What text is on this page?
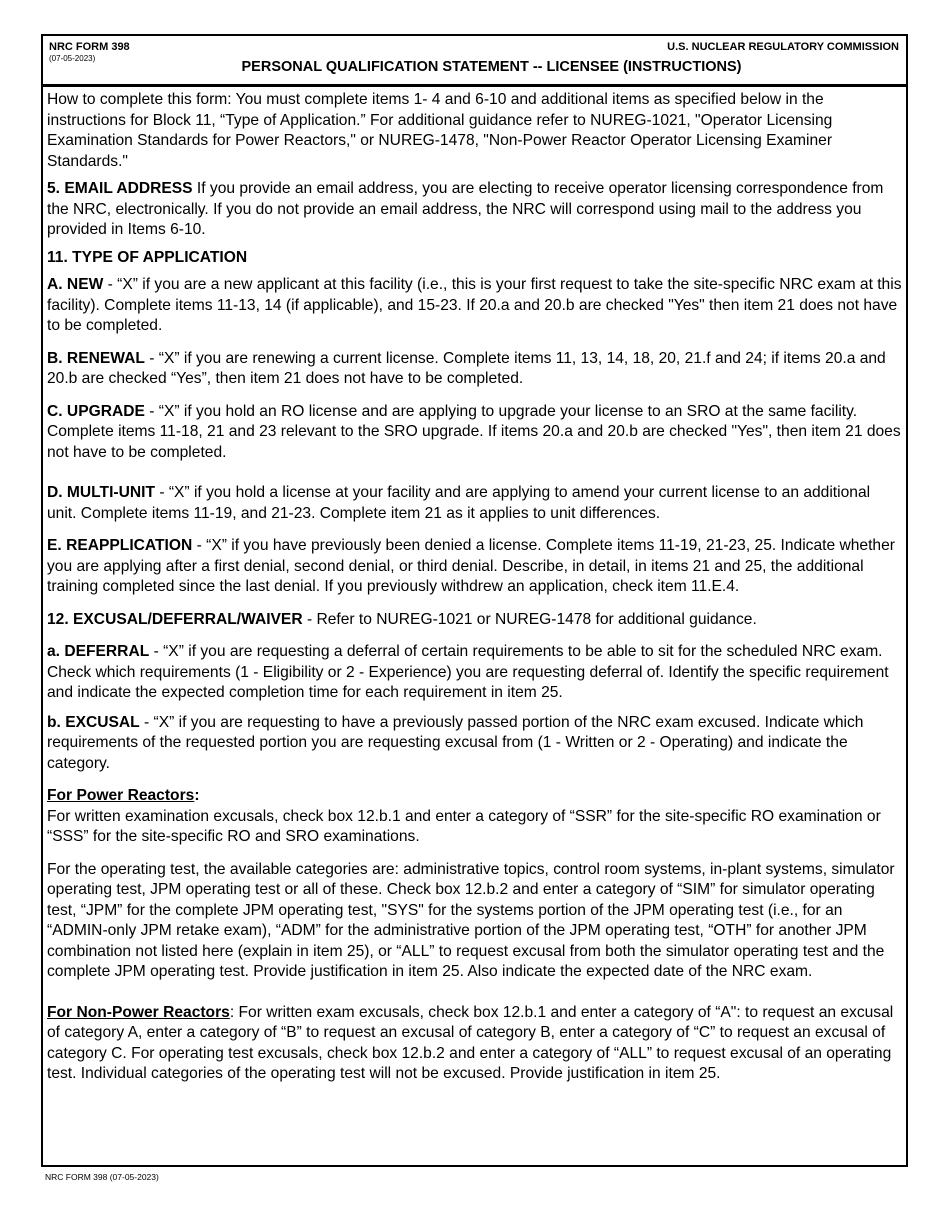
NRC FORM 398
(07-05-2023)
U.S. NUCLEAR REGULATORY COMMISSION
PERSONAL QUALIFICATION STATEMENT -- LICENSEE (INSTRUCTIONS)

How to complete this form: You must complete items 1- 4 and 6-10 and additional items as specified below in the instructions for Block 11, “Type of Application.” For additional guidance refer to NUREG-1021, "Operator Licensing Examination Standards for Power Reactors," or NUREG-1478, "Non-Power Reactor Operator Licensing Examiner Standards."

5. EMAIL ADDRESS If you provide an email address, you are electing to receive operator licensing correspondence from the NRC, electronically. If you do not provide an email address, the NRC will correspond using mail to the address you provided in Items 6-10.

11. TYPE OF APPLICATION

A. NEW - “X” if you are a new applicant at this facility (i.e., this is your first request to take the site-specific NRC exam at this facility). Complete items 11-13, 14 (if applicable), and 15-23. If 20.a and 20.b are checked "Yes" then item 21 does not have to be completed.

B. RENEWAL - “X” if you are renewing a current license. Complete items 11, 13, 14, 18, 20, 21.f and 24; if items 20.a and 20.b are checked “Yes”, then item 21 does not have to be completed.

C. UPGRADE - “X” if you hold an RO license and are applying to upgrade your license to an SRO at the same facility. Complete items 11-18, 21 and 23 relevant to the SRO upgrade. If items 20.a and 20.b are checked "Yes", then item 21 does not have to be completed.

D. MULTI-UNIT - “X” if you hold a license at your facility and are applying to amend your current license to an additional unit. Complete items 11-19, and 21-23. Complete item 21 as it applies to unit differences.

E. REAPPLICATION - “X” if you have previously been denied a license. Complete items 11-19, 21-23, 25. Indicate whether you are applying after a first denial, second denial, or third denial. Describe, in detail, in items 21 and 25, the additional training completed since the last denial. If you previously withdrew an application, check item 11.E.4.

12. EXCUSAL/DEFERRAL/WAIVER - Refer to NUREG-1021 or NUREG-1478 for additional guidance.

a. DEFERRAL - “X” if you are requesting a deferral of certain requirements to be able to sit for the scheduled NRC exam. Check which requirements (1 - Eligibility or 2 - Experience) you are requesting deferral of. Identify the specific requirement and indicate the expected completion time for each requirement in item 25.

b. EXCUSAL - “X” if you are requesting to have a previously passed portion of the NRC exam excused. Indicate which requirements of the requested portion you are requesting excusal from (1 - Written or 2 - Operating) and indicate the category.

For Power Reactors:

For written examination excusals, check box 12.b.1 and enter a category of “SSR” for the site-specific RO examination or “SSS” for the site-specific RO and SRO examinations.

For the operating test, the available categories are: administrative topics, control room systems, in-plant systems, simulator operating test, JPM operating test or all of these. Check box 12.b.2 and enter a category of “SIM” for simulator operating test, “JPM” for the complete JPM operating test, "SYS" for the systems portion of the JPM operating test (i.e., for an “ADMIN-only JPM retake exam), “ADM” for the administrative portion of the JPM operating test, “OTH” for another JPM combination not listed here (explain in item 25), or “ALL” to request excusal from both the simulator operating test and the complete JPM operating test. Provide justification in item 25. Also indicate the expected date of the NRC exam.

For Non-Power Reactors: For written exam excusals, check box 12.b.1 and enter a category of “A": to request an excusal of category A, enter a category of “B” to request an excusal of category B, enter a category of “C” to request an excusal of category C. For operating test excusals, check box 12.b.2 and enter a category of “ALL” to request excusal of an operating test. Individual categories of the operating test will not be excused. Provide justification in item 25.

NRC FORM 398 (07-05-2023)
